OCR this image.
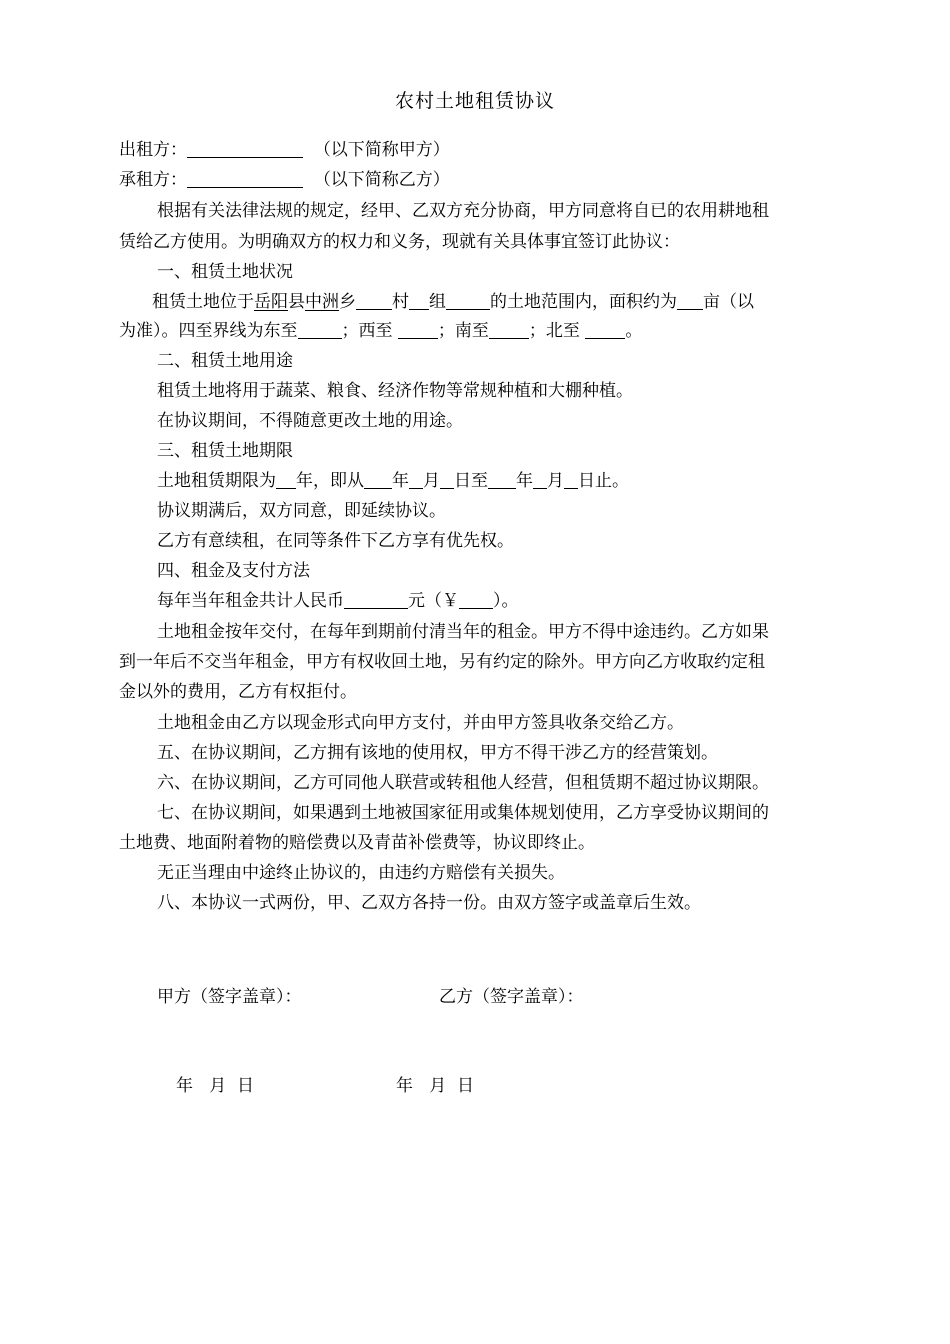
农村土地租赁协议
出租方：	（以下简称甲方）
承租方：	（以下简称乙方）
根据有关法律法规的规定，经甲、乙双方充分协商，甲方同意将自已的农用耕地租
赁给乙方使用。为明确双方的权力和义务，现就有关具体事宜签订此协议：
一、租赁土地状况
租赁土地位于岳阳县中洲乡 村 组	的土地范围内，面积约为 亩（以
为准）。四至界线为东至	；西至	；南至 ；北至	。
二、租赁土地用途
租赁土地将用于蔬菜、粮食、经济作物等常规种植和大棚种植。
在协议期间，不得随意更改土地的用途。
三、租赁土地期限
土地租赁期限为 年，即从 年 月 日至 年 月 日止。
协议期满后，双方同意，即延续协议。
乙方有意续租，在同等条件下乙方享有优先权。
四、租金及支付方法
每年当年租金共计人民币	元（￥ ）。
土地租金按年交付，在每年到期前付清当年的租金。甲方不得中途违约。乙方如果
到一年后不交当年租金，甲方有权收回土地，另有约定的除外。甲方向乙方收取约定租
金以外的费用，乙方有权拒付。
土地租金由乙方以现金形式向甲方支付，并由甲方签具收条交给乙方。
五、在协议期间，乙方拥有该地的使用权，甲方不得干涉乙方的经营策划。
六、在协议期间，乙方可同他人联营或转租他人经营，但租赁期不超过协议期限。
七、在协议期间，如果遇到土地被国家征用或集体规划使用，乙方享受协议期间的
土地费、地面附着物的赔偿费以及青苗补偿费等，协议即终止。
无正当理由中途终止协议的，由违约方赔偿有关损失。
八、本协议一式两份，甲、乙双方各持一份。由双方签字或盖章后生效。
甲方（签字盖章）：	乙方（签字盖章）：
年   月  日	年   月  日
